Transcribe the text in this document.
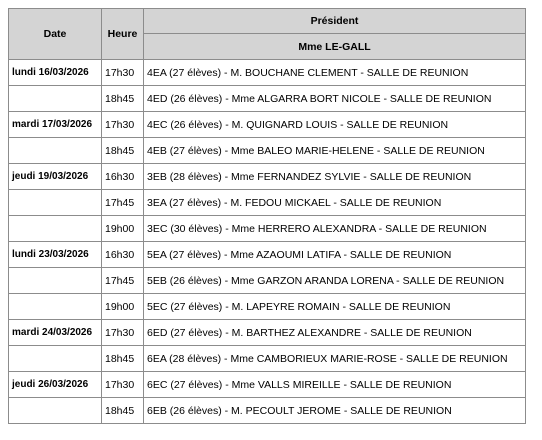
Date	Heure	Président
		Mme LE-GALL
lundi 16/03/2026	17h30	4EA (27 élèves) - M. BOUCHANE CLEMENT - SALLE DE REUNION
	18h45	4ED (26 élèves) - Mme ALGARRA BORT NICOLE - SALLE DE REUNION
mardi 17/03/2026	17h30	4EC (26 élèves) - M. QUIGNARD LOUIS - SALLE DE REUNION
	18h45	4EB (27 élèves) - Mme BALEO MARIE-HELENE - SALLE DE REUNION
jeudi 19/03/2026	16h30	3EB (28 élèves) - Mme FERNANDEZ SYLVIE - SALLE DE REUNION
	17h45	3EA (27 élèves) - M. FEDOU MICKAEL - SALLE DE REUNION
	19h00	3EC (30 élèves) - Mme HERRERO ALEXANDRA - SALLE DE REUNION
lundi 23/03/2026	16h30	5EA (27 élèves) - Mme AZAOUMI LATIFA - SALLE DE REUNION
	17h45	5EB (26 élèves) - Mme GARZON ARANDA LORENA - SALLE DE REUNION
	19h00	5EC (27 élèves) - M. LAPEYRE ROMAIN - SALLE DE REUNION
mardi 24/03/2026	17h30	6ED (27 élèves) - M. BARTHEZ ALEXANDRE - SALLE DE REUNION
	18h45	6EA (28 élèves) - Mme CAMBORIEUX MARIE-ROSE - SALLE DE REUNION
jeudi 26/03/2026	17h30	6EC (27 élèves) - Mme VALLS MIREILLE - SALLE DE REUNION
	18h45	6EB (26 élèves) - M. PECOULT JEROME - SALLE DE REUNION
